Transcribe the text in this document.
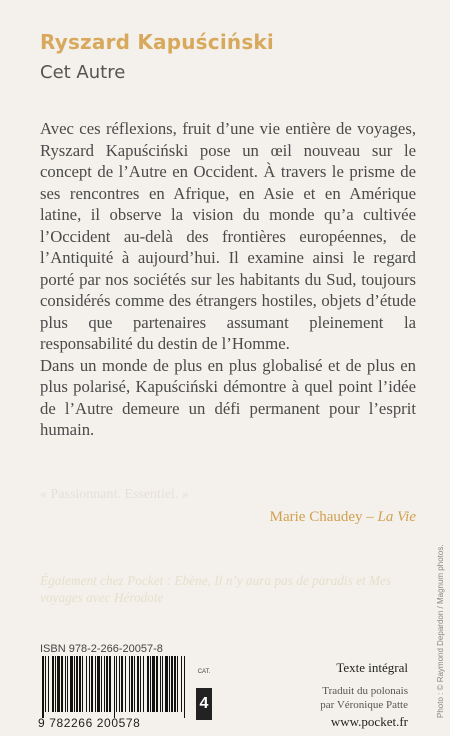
Ryszard Kapuściński
Cet Autre

Avec ces réflexions, fruit d’une vie entière de voyages, Ryszard Kapuściński pose un œil nouveau sur le concept de l’Autre en Occident. À travers le prisme de ses rencontres en Afrique, en Asie et en Amérique latine, il observe la vision du monde qu’a cultivée l’Occident au-delà des frontières européennes, de l’Antiquité à aujourd’hui. Il examine ainsi le regard porté par nos sociétés sur les habitants du Sud, toujours considérés comme des étrangers hostiles, objets d’étude plus que partenaires assumant pleinement la responsabilité du destin de l’Homme.

Dans un monde de plus en plus globalisé et de plus en plus polarisé, Kapuściński démontre à quel point l’idée de l’Autre demeure un défi permanent pour l’esprit humain.

« Passionnant. Essentiel. »
Marie Chaudey – La Vie
Également chez Pocket : Ebène, Il n’y aura pas de paradis et Mes voyages avec Hérodote
ISBN 978-2-266-20057-8
9 782266 200578
CAT.
4
Texte intégral
Traduit du polonais
par Véronique Patte
www.pocket.fr
Photo : © Raymond Depardon / Magnum photos.
